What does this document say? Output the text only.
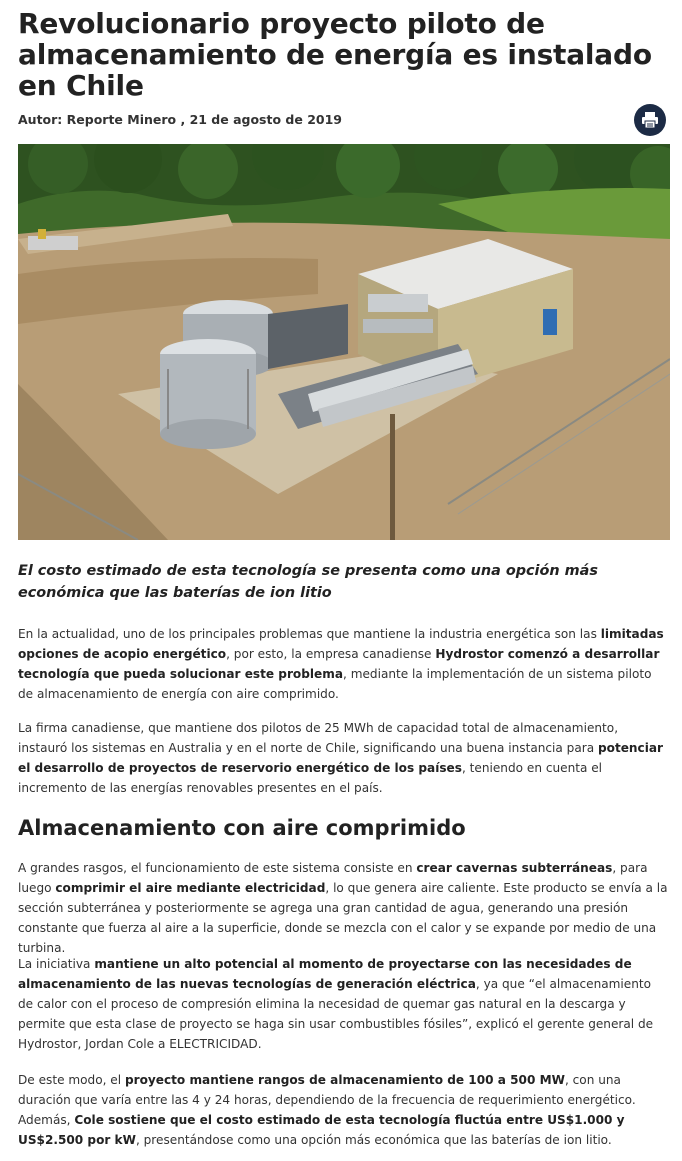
Revolucionario proyecto piloto de almacenamiento de energía es instalado en Chile
Autor: Reporte Minero , 21 de agosto de 2019

El costo estimado de esta tecnología se presenta como una opción más económica que las baterías de ion litio

En la actualidad, uno de los principales problemas que mantiene la industria energética son las limitadas opciones de acopio energético, por esto, la empresa canadiense Hydrostor comenzó a desarrollar tecnología que pueda solucionar este problema, mediante la implementación de un sistema piloto de almacenamiento de energía con aire comprimido.

La firma canadiense, que mantiene dos pilotos de 25 MWh de capacidad total de almacenamiento, instauró los sistemas en Australia y en el norte de Chile, significando una buena instancia para potenciar el desarrollo de proyectos de reservorio energético de los países, teniendo en cuenta el incremento de las energías renovables presentes en el país.

Almacenamiento con aire comprimido

A grandes rasgos, el funcionamiento de este sistema consiste en crear cavernas subterráneas, para luego comprimir el aire mediante electricidad, lo que genera aire caliente. Este producto se envía a la sección subterránea y posteriormente se agrega una gran cantidad de agua, generando una presión constante que fuerza al aire a la superficie, donde se mezcla con el calor y se expande por medio de una turbina.

La iniciativa mantiene un alto potencial al momento de proyectarse con las necesidades de almacenamiento de las nuevas tecnologías de generación eléctrica, ya que “el almacenamiento de calor con el proceso de compresión elimina la necesidad de quemar gas natural en la descarga y permite que esta clase de proyecto se haga sin usar combustibles fósiles”, explicó el gerente general de Hydrostor, Jordan Cole a ELECTRICIDAD.

De este modo, el proyecto mantiene rangos de almacenamiento de 100 a 500 MW, con una duración que varía entre las 4 y 24 horas, dependiendo de la frecuencia de requerimiento energético. Además, Cole sostiene que el costo estimado de esta tecnología fluctúa entre US$1.000 y US$2.500 por kW, presentándose como una opción más económica que las baterías de ion litio.
